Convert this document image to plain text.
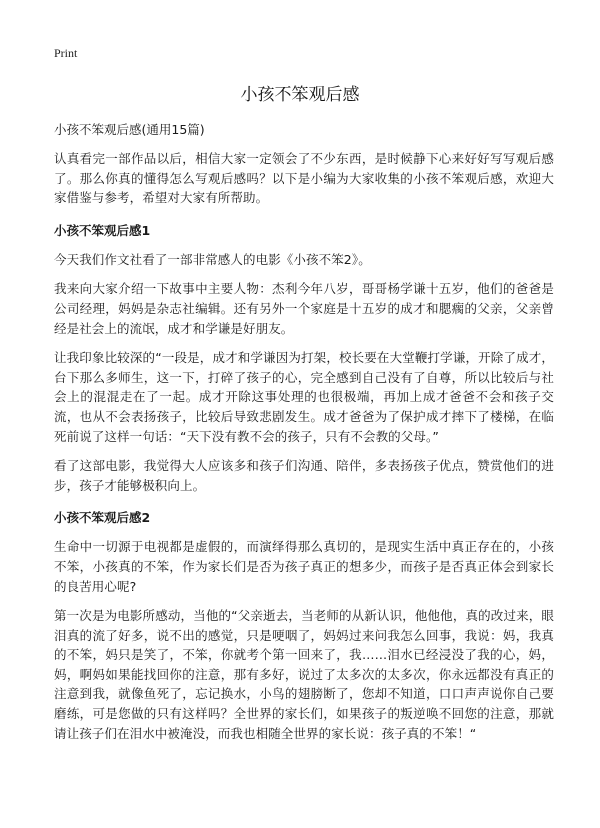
Print
小孩不笨观后感
小孩不笨观后感(通用15篇)

认真看完一部作品以后，相信大家一定领会了不少东西，是时候静下心来好好写写观后感了。那么你真的懂得怎么写观后感吗？以下是小编为大家收集的小孩不笨观后感，欢迎大家借鉴与参考，希望对大家有所帮助。

小孩不笨观后感1

今天我们作文社看了一部非常感人的电影《小孩不笨2》。

我来向大家介绍一下故事中主要人物：杰利今年八岁，哥哥杨学谦十五岁，他们的爸爸是公司经理，妈妈是杂志社编辑。还有另外一个家庭是十五岁的成才和腮瘸的父亲，父亲曾经是社会上的流氓，成才和学谦是好朋友。

让我印象比较深的“一段是，成才和学谦因为打架，校长要在大堂鞭打学谦，开除了成才，台下那么多师生，这一下，打碎了孩子的心，完全感到自己没有了自尊，所以比较后与社会上的混混走在了一起。成才开除这事处理的也很极端，再加上成才爸爸不会和孩子交流，也从不会表扬孩子，比较后导致悲剧发生。成才爸爸为了保护成才摔下了楼梯，在临死前说了这样一句话：“天下没有教不会的孩子，只有不会教的父母。”

看了这部电影，我觉得大人应该多和孩子们沟通、陪伴，多表扬孩子优点，赞赏他们的进步，孩子才能够极积向上。

小孩不笨观后感2

生命中一切源于电视都是虚假的，而演绎得那么真切的，是现实生活中真正存在的，小孩不笨，小孩真的不笨，作为家长们是否为孩子真正的想多少，而孩子是否真正体会到家长的良苦用心呢?

第一次是为电影所感动，当他的“父亲逝去，当老师的从新认识，他他他，真的改过来，眼泪真的流了好多，说不出的感觉，只是哽咽了，妈妈过来问我怎么回事，我说：妈，我真的不笨，妈只是笑了，不笨，你就考个第一回来了，我……泪水已经浸没了我的心，妈，妈，啊妈如果能找回你的注意，那有多好，说过了太多次的太多次，你永远都没有真正的注意到我，就像鱼死了，忘记换水，小鸟的翅膀断了，您却不知道，口口声声说你自己要磨练，可是您做的只有这样吗？全世界的家长们，如果孩子的叛逆唤不回您的注意，那就请让孩子们在泪水中被淹没，而我也相随全世界的家长说：孩子真的不笨！“
